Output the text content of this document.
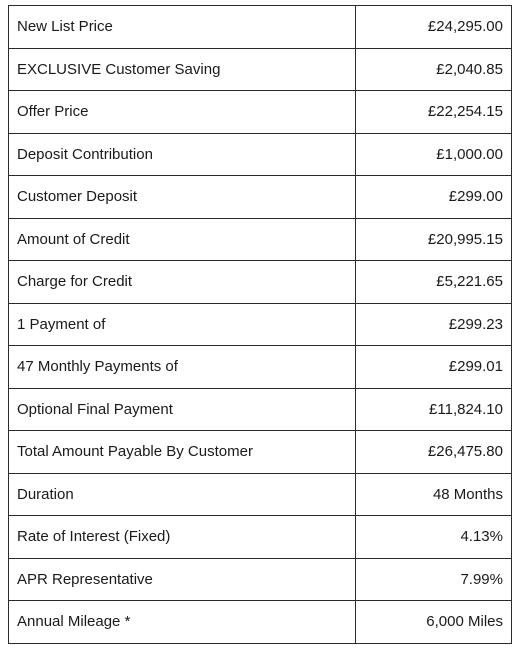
New List Price	£24,295.00
EXCLUSIVE Customer Saving	£2,040.85
Offer Price	£22,254.15
Deposit Contribution	£1,000.00
Customer Deposit	£299.00
Amount of Credit	£20,995.15
Charge for Credit	£5,221.65
1 Payment of	£299.23
47 Monthly Payments of	£299.01
Optional Final Payment	£11,824.10
Total Amount Payable By Customer	£26,475.80
Duration	48 Months
Rate of Interest (Fixed)	4.13%
APR Representative	7.99%
Annual Mileage *	6,000 Miles
